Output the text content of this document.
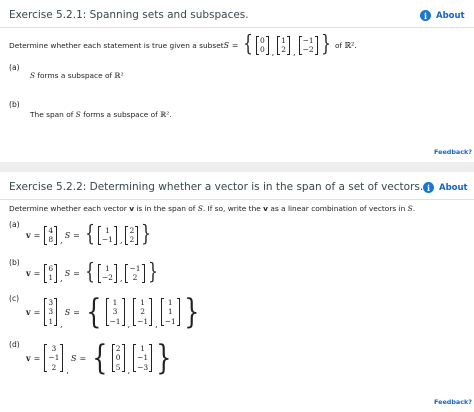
Exercise 5.2.1: Spanning sets and subspaces.	i	About
Determine whether each statement is true given a subset S = { 0
0 ,
1
2 ,
−1
−2 } of ℝ² .
(a)
S forms a subspace of ℝ²
(b)
The span of S forms a subspace of ℝ².
Feedback?
Exercise 5.2.2: Determining whether a vector is in the span of a set of vectors. i	About
Determine whether each vector v is in the span of S. If so, write the v as a linear combination of vectors in S.
(a)
v =
4
8 ,
S = { 1
−1 ,
2
2 }
(b)
v =
6
1 ,
S = { 1
−2 ,
−1
2 }
(c)
v =
3
3
1 ,
S = { 1
3
−1 ,
1
2
−1 ,
1
1
−1 }
(d)
v =
3
−1
2 ,
S = { 2
0
5 ,
1
−1
−3 }
Feedback?
